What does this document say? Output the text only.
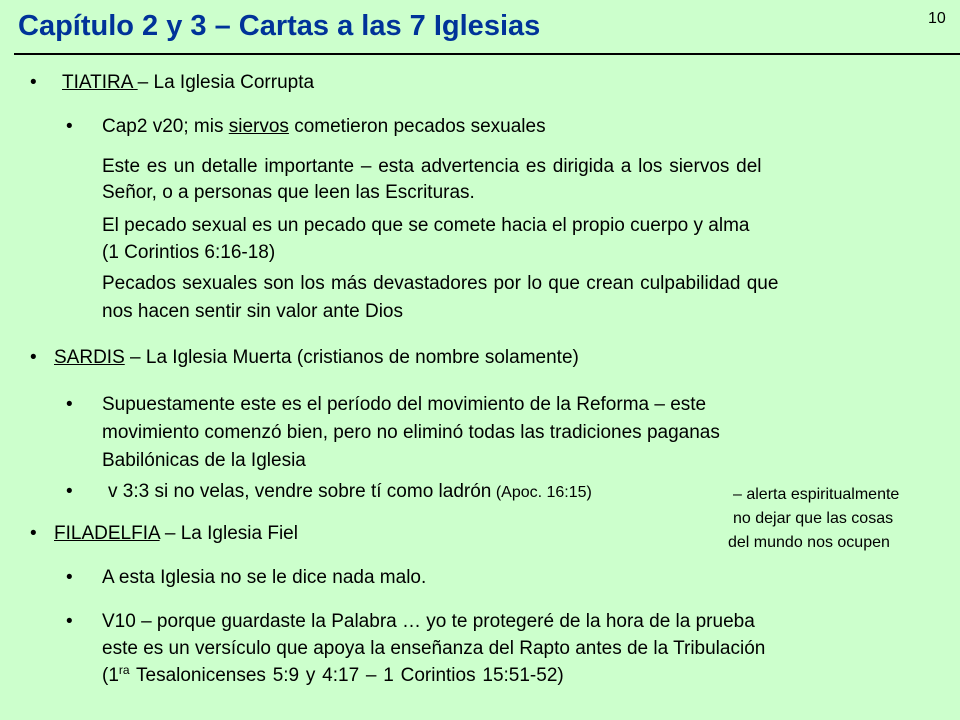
Capítulo 2 y 3 – Cartas a las 7 Iglesias	10
• TIATIRA – La Iglesia Corrupta
• Cap2 v20; mis siervos cometieron pecados sexuales
Este es un detalle importante – esta advertencia es dirigida a los siervos del
Señor, o a personas que leen las Escrituras.
El pecado sexual es un pecado que se comete hacia el propio cuerpo y alma
(1 Corintios 6:16-18)
Pecados sexuales son los más devastadores por lo que crean culpabilidad que
nos hacen sentir sin valor ante Dios
• SARDIS – La Iglesia Muerta (cristianos de nombre solamente)
• Supuestamente este es el período del movimiento de la Reforma – este
movimiento comenzó bien, pero no eliminó todas las tradiciones paganas
Babilónicas de la Iglesia
• v 3:3 si no velas, vendre sobre tí como ladrón (Apoc. 16:15)	– alerta espiritualmente
no dejar que las cosas
del mundo nos ocupen
• FILADELFIA – La Iglesia Fiel
• A esta Iglesia no se le dice nada malo.
• V10 – porque guardaste la Palabra … yo te protegeré de la hora de la prueba
este es un versículo que apoya la enseñanza del Rapto antes de la Tribulación
($1^{ra}$ Tesalonicenses 5:9 y 4:17 – 1 Corintios 15:51-52)
